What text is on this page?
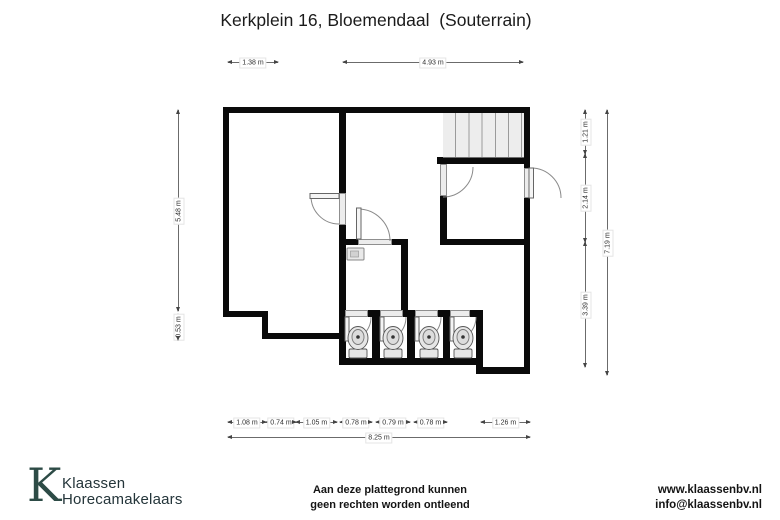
Kerkplein 16, Bloemendaal  (Souterrain)
1.38 m	4.93 m
5.48 m
0.53 m
1.21 m
2.14 m
3.39 m
7.19 m
1.08 m	0.74 m	1.05 m	0.78 m	0.79 m	0.78 m	1.26 m
8.25 m
K Klaassen
Horecamakelaars
Aan deze plattegrond kunnen
geen rechten worden ontleend
www.klaassenbv.nl
info@klaassenbv.nl
